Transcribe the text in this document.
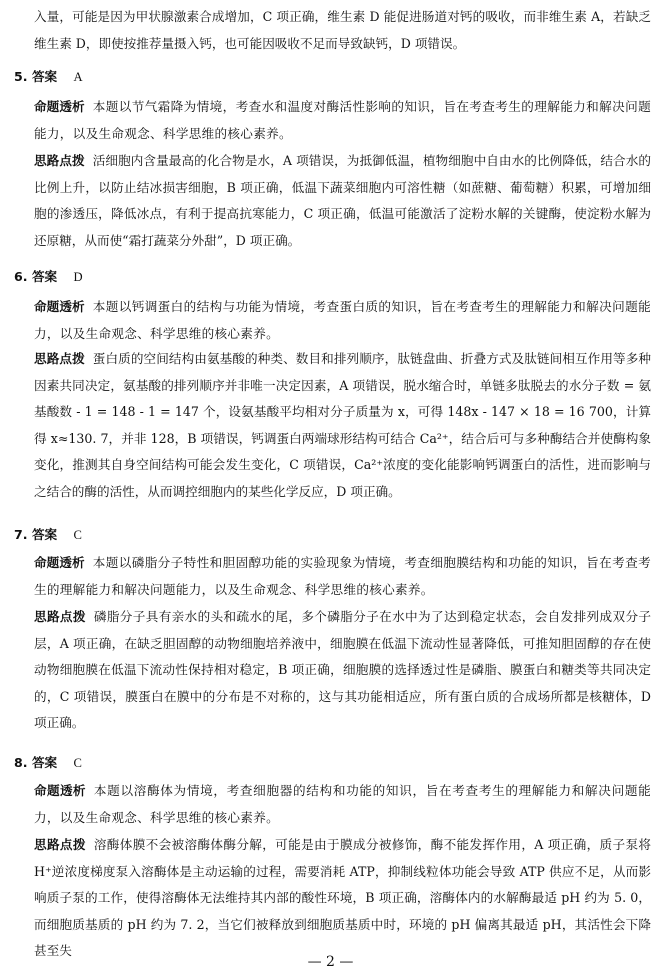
入量，可能是因为甲状腺激素合成增加，C 项正确，维生素 D 能促进肠道对钙的吸收，而非维生素 A，若缺乏维生素 D，即使按推荐量摄入钙，也可能因吸收不足而导致缺钙，D 项错误。
5. 答案 A
命题透析 本题以节气霜降为情境，考查水和温度对酶活性影响的知识，旨在考查考生的理解能力和解决问题能力，以及生命观念、科学思维的核心素养。
思路点拨 活细胞内含量最高的化合物是水，A 项错误，为抵御低温，植物细胞中自由水的比例降低，结合水的比例上升，以防止结冰损害细胞，B 项正确，低温下蔬菜细胞内可溶性糖（如蔗糖、葡萄糖）积累，可增加细胞的渗透压，降低冰点，有利于提高抗寒能力，C 项正确，低温可能激活了淀粉水解的关键酶，使淀粉水解为还原糖，从而使“霜打蔬菜分外甜”，D 项正确。
6. 答案 D
命题透析 本题以钙调蛋白的结构与功能为情境，考查蛋白质的知识，旨在考查考生的理解能力和解决问题能力，以及生命观念、科学思维的核心素养。
思路点拨 蛋白质的空间结构由氨基酸的种类、数目和排列顺序，肽链盘曲、折叠方式及肽链间相互作用等多种因素共同决定，氨基酸的排列顺序并非唯一决定因素，A 项错误，脱水缩合时，单链多肽脱去的水分子数 = 氨基酸数 - 1 = 148 - 1 = 147 个，设氨基酸平均相对分子质量为 x，可得 148x - 147 × 18 = 16 700，计算得 x≈130. 7，并非 128，B 项错误，钙调蛋白两端球形结构可结合 Ca²⁺，结合后可与多种酶结合并使酶构象变化，推测其自身空间结构可能会发生变化，C 项错误，Ca²⁺浓度的变化能影响钙调蛋白的活性，进而影响与之结合的酶的活性，从而调控细胞内的某些化学反应，D 项正确。
7. 答案 C
命题透析 本题以磷脂分子特性和胆固醇功能的实验现象为情境，考查细胞膜结构和功能的知识，旨在考查考生的理解能力和解决问题能力，以及生命观念、科学思维的核心素养。
思路点拨 磷脂分子具有亲水的头和疏水的尾，多个磷脂分子在水中为了达到稳定状态，会自发排列成双分子层，A 项正确，在缺乏胆固醇的动物细胞培养液中，细胞膜在低温下流动性显著降低，可推知胆固醇的存在使动物细胞膜在低温下流动性保持相对稳定，B 项正确，细胞膜的选择透过性是磷脂、膜蛋白和糖类等共同决定的，C 项错误，膜蛋白在膜中的分布是不对称的，这与其功能相适应，所有蛋白质的合成场所都是核糖体，D 项正确。
8. 答案 C
命题透析 本题以溶酶体为情境，考查细胞器的结构和功能的知识，旨在考查考生的理解能力和解决问题能力，以及生命观念、科学思维的核心素养。
思路点拨 溶酶体膜不会被溶酶体酶分解，可能是由于膜成分被修饰，酶不能发挥作用，A 项正确，质子泵将 H⁺逆浓度梯度泵入溶酶体是主动运输的过程，需要消耗 ATP，抑制线粒体功能会导致 ATP 供应不足，从而影响质子泵的工作，使得溶酶体无法维持其内部的酸性环境，B 项正确，溶酶体内的水解酶最适 pH 约为 5. 0，而细胞质基质的 pH 约为 7. 2，当它们被释放到细胞质基质中时，环境的 pH 偏离其最适 pH，其活性会下降甚至失
— 2 —
